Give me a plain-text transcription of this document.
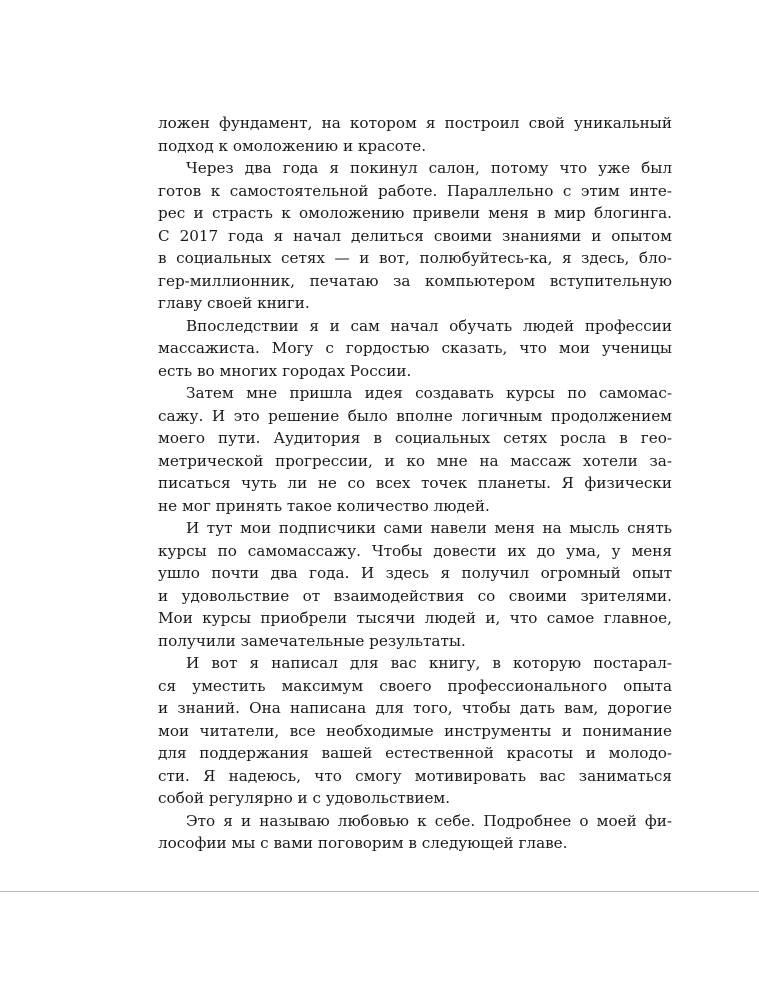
ложен фундамент, на котором я построил свой уникальный
подход к омоложению и красоте.

Через два года я покинул салон, потому что уже был
готов к самостоятельной работе. Параллельно с этим инте-
рес и страсть к омоложению привели меня в мир блогинга.
С 2017 года я начал делиться своими знаниями и опытом
в социальных сетях — и вот, полюбуйтесь-ка, я здесь, бло-
гер-миллионник, печатаю за компьютером вступительную
главу своей книги.

Впоследствии я и сам начал обучать людей профессии
массажиста. Могу с гордостью сказать, что мои ученицы
есть во многих городах России.

Затем мне пришла идея создавать курсы по самомас-
сажу. И это решение было вполне логичным продолжением
моего пути. Аудитория в социальных сетях росла в гео-
метрической прогрессии, и ко мне на массаж хотели за-
писаться чуть ли не со всех точек планеты. Я физически
не мог принять такое количество людей.

И тут мои подписчики сами навели меня на мысль снять
курсы по самомассажу. Чтобы довести их до ума, у меня
ушло почти два года. И здесь я получил огромный опыт
и удовольствие от взаимодействия со своими зрителями.
Мои курсы приобрели тысячи людей и, что самое главное,
получили замечательные результаты.

И вот я написал для вас книгу, в которую постарал-
ся уместить максимум своего профессионального опыта
и знаний. Она написана для того, чтобы дать вам, дорогие
мои читатели, все необходимые инструменты и понимание
для поддержания вашей естественной красоты и молодо-
сти. Я надеюсь, что смогу мотивировать вас заниматься
собой регулярно и с удовольствием.

Это я и называю любовью к себе. Подробнее о моей фи-
лософии мы с вами поговорим в следующей главе.
